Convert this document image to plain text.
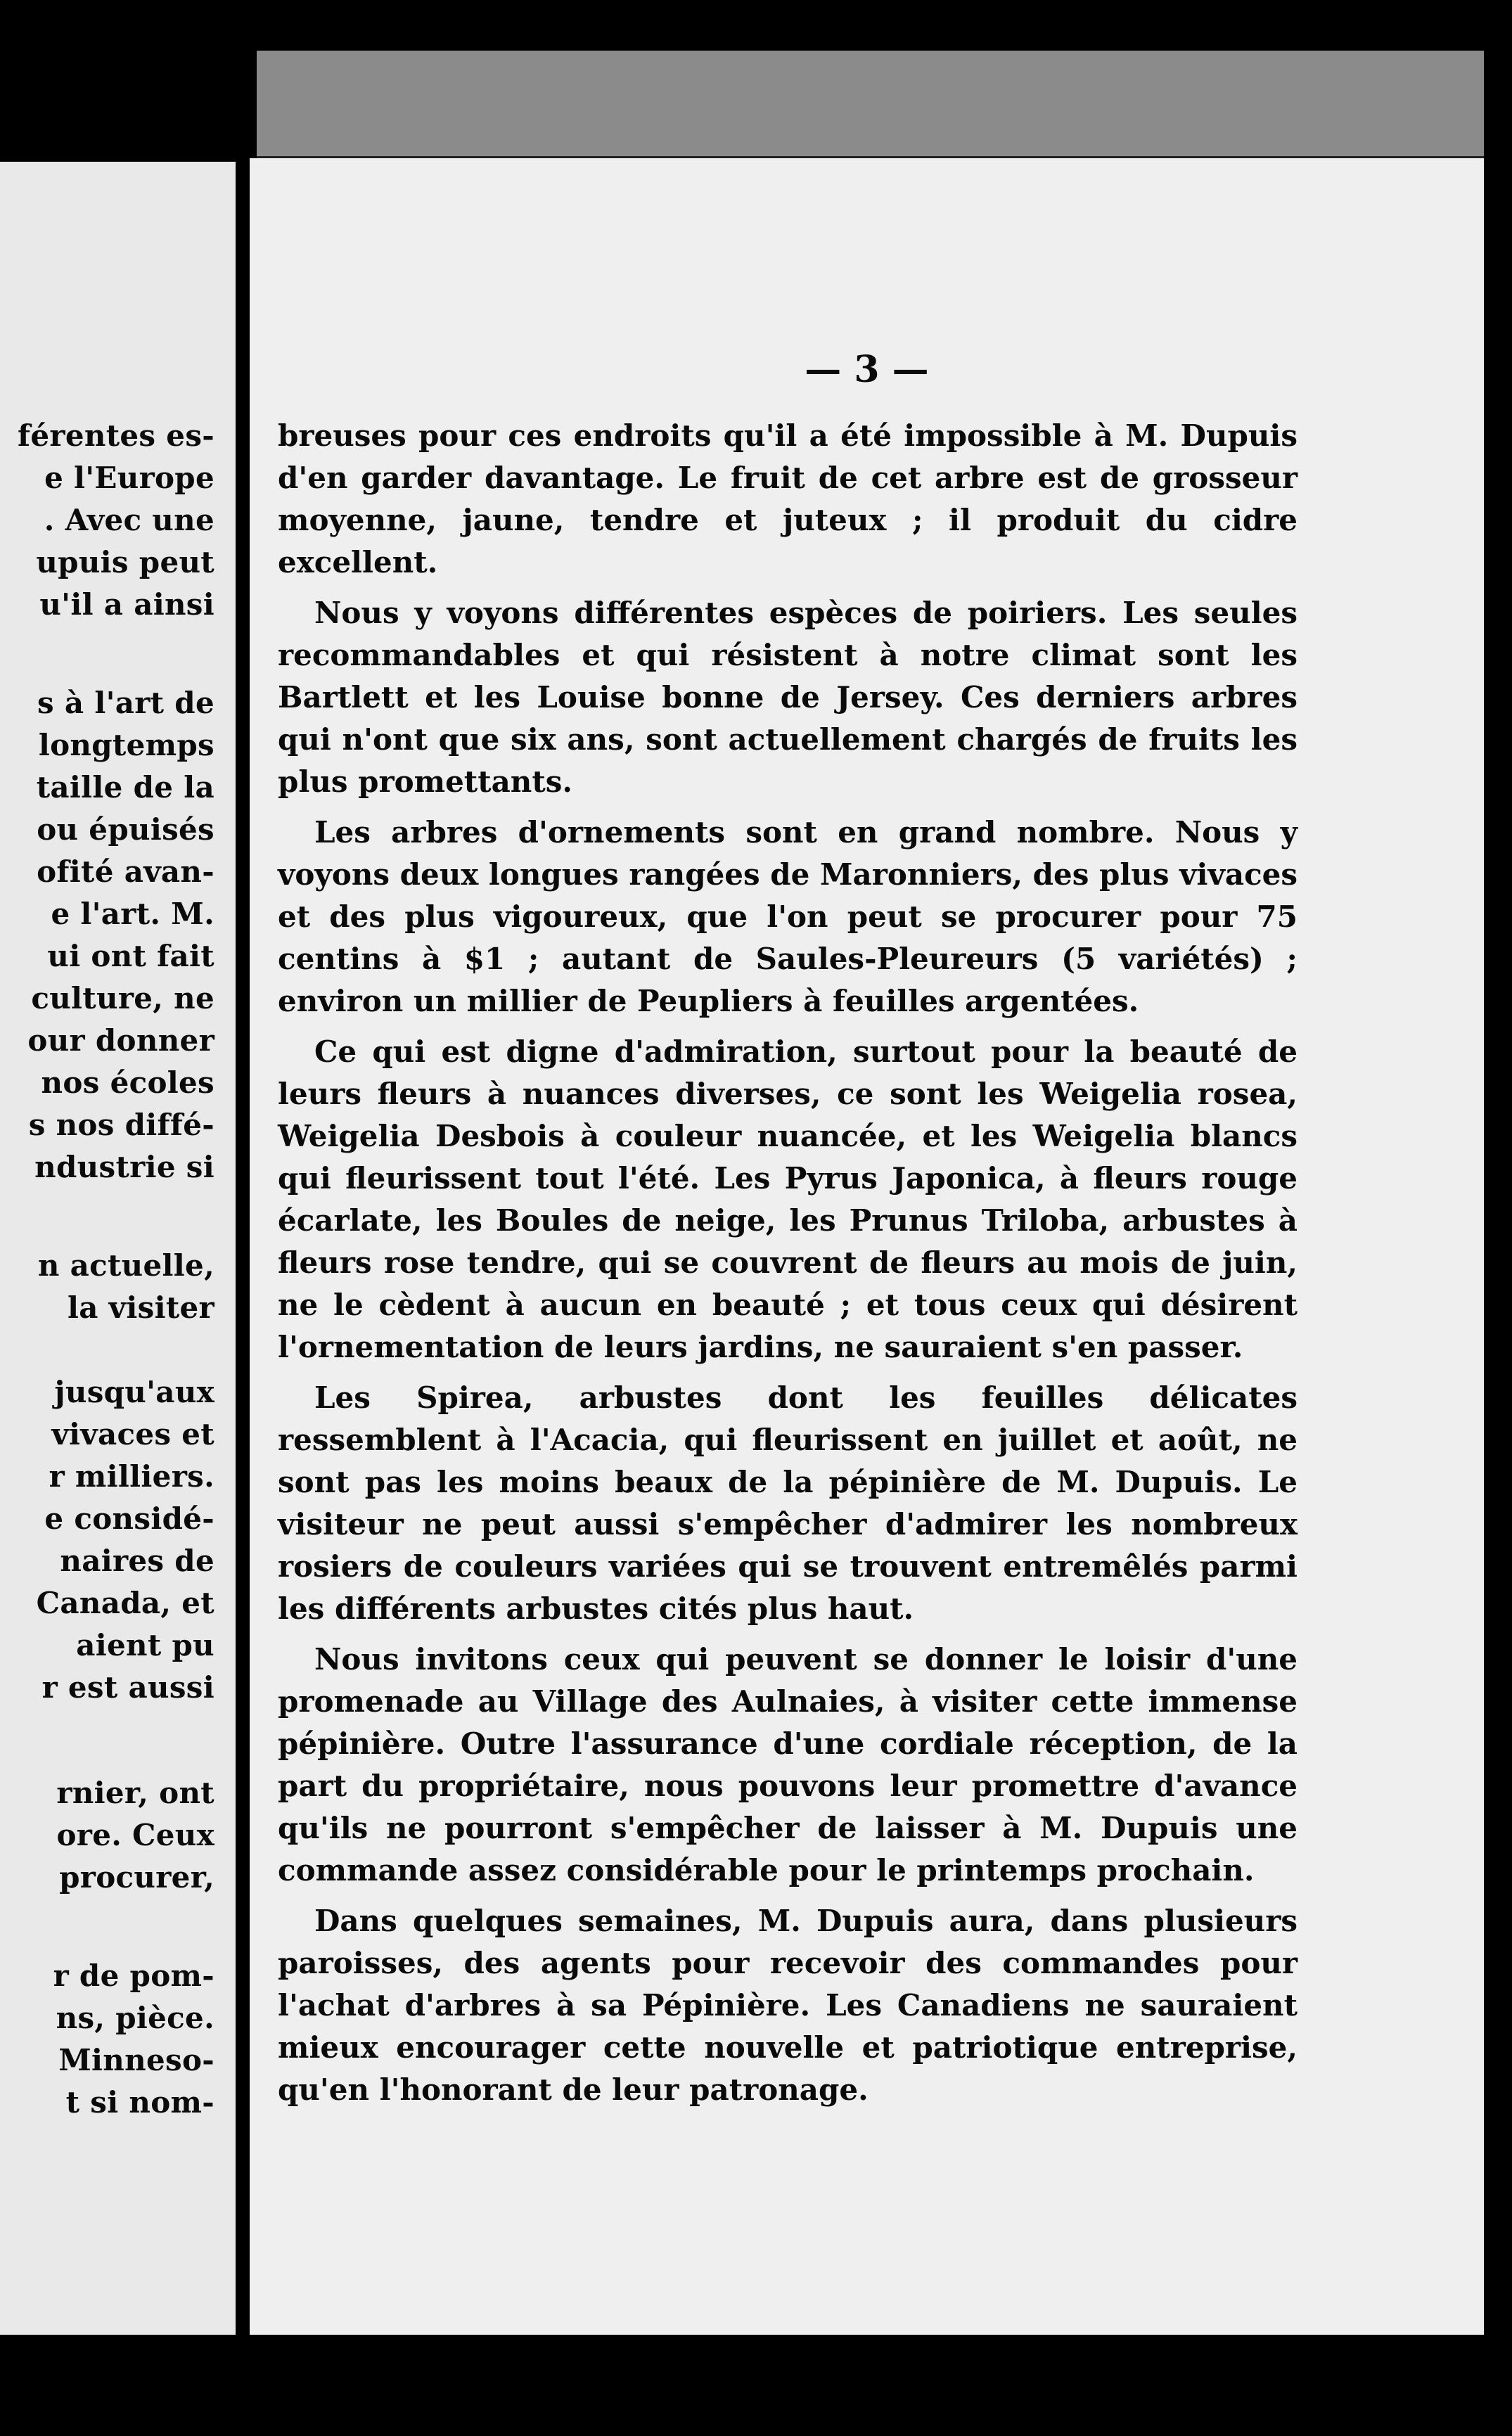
férentes es-
e l'Europe
. Avec une
upuis peut
u'il a ainsi
s à l'art de
longtemps
taille de la
ou épuisés
ofité avan-
e l'art. M.
ui ont fait
culture, ne
our donner
nos écoles
s nos diffé-
ndustrie si
n actuelle,
la visiter
jusqu'aux
vivaces et
r milliers.
e considé-
naires de
Canada, et
aient pu
r est aussi
rnier, ont
ore. Ceux
procurer,
r de pom-
ns, pièce.
Minneso-
t si nom-
— 3 —

breuses pour ces endroits qu'il a été impossible à M. Dupuis d'en garder davantage. Le fruit de cet arbre est de grosseur moyenne, jaune, tendre et juteux ; il produit du cidre excellent.

Nous y voyons différentes espèces de poiriers. Les seules recommandables et qui résistent à notre climat sont les Bartlett et les Louise bonne de Jersey. Ces derniers arbres qui n'ont que six ans, sont actuellement chargés de fruits les plus promettants.

Les arbres d'ornements sont en grand nombre. Nous y voyons deux longues rangées de Maronniers, des plus vivaces et des plus vigoureux, que l'on peut se procurer pour 75 centins à $1 ; autant de Saules-Pleureurs (5 variétés) ; environ un millier de Peupliers à feuilles argentées.

Ce qui est digne d'admiration, surtout pour la beauté de leurs fleurs à nuances diverses, ce sont les Weigelia rosea, Weigelia Desbois à couleur nuancée, et les Weigelia blancs qui fleurissent tout l'été. Les Pyrus Japonica, à fleurs rouge écarlate, les Boules de neige, les Prunus Triloba, arbustes à fleurs rose tendre, qui se couvrent de fleurs au mois de juin, ne le cèdent à aucun en beauté ; et tous ceux qui désirent l'ornementation de leurs jardins, ne sauraient s'en passer.

Les Spirea, arbustes dont les feuilles délicates ressemblent à l'Acacia, qui fleurissent en juillet et août, ne sont pas les moins beaux de la pépinière de M. Dupuis. Le visiteur ne peut aussi s'empêcher d'admirer les nombreux rosiers de couleurs variées qui se trouvent entremêlés parmi les différents arbustes cités plus haut.

Nous invitons ceux qui peuvent se donner le loisir d'une promenade au Village des Aulnaies, à visiter cette immense pépinière. Outre l'assurance d'une cordiale réception, de la part du propriétaire, nous pouvons leur promettre d'avance qu'ils ne pourront s'empêcher de laisser à M. Dupuis une commande assez considérable pour le printemps prochain.

Dans quelques semaines, M. Dupuis aura, dans plusieurs paroisses, des agents pour recevoir des commandes pour l'achat d'arbres à sa Pépinière. Les Canadiens ne sauraient mieux encourager cette nouvelle et patriotique entreprise, qu'en l'honorant de leur patronage.
